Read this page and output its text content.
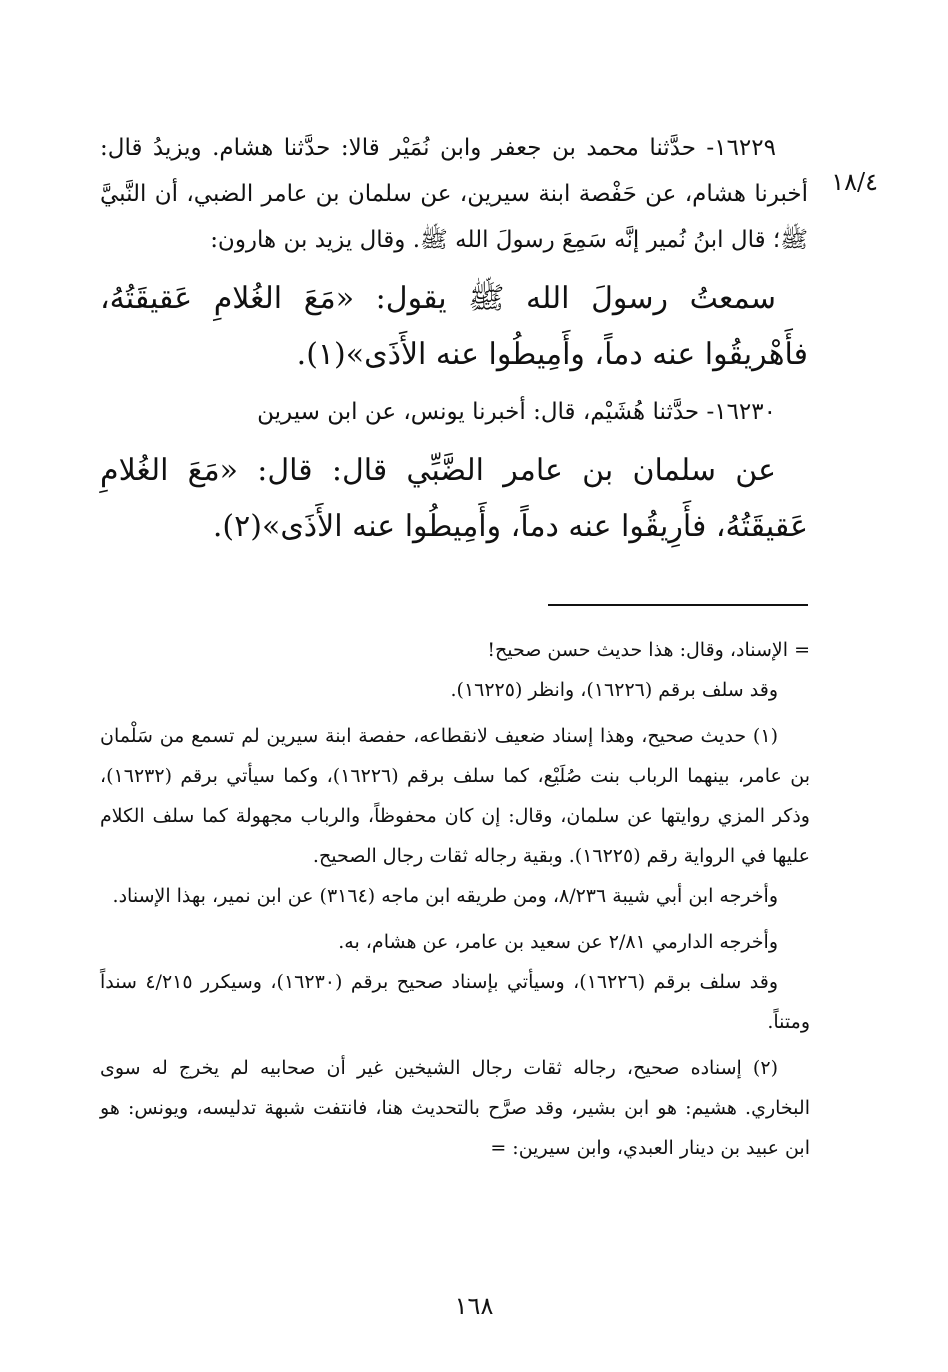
١٨/٤

١٦٢٢٩- حدَّثنا محمد بن جعفر وابن نُمَيْر قالا: حدَّثنا هشام. ويزيدُ قال: أخبرنا هشام، عن حَفْصة ابنة سيرين، عن سلمان بن عامر الضبي، أن النَّبيَّ ﷺ؛ قال ابنُ نُمير إنَّه سَمِعَ رسولَ الله ﷺ. وقال يزيد بن هارون:

سمعتُ رسولَ الله ﷺ يقول: «مَعَ الغُلامِ عَقيقَتُهُ، فأَهْريقُوا عنه دماً، وأَمِيطُوا عنه الأَذَى»(١).

١٦٢٣٠- حدَّثنا هُشَيْم، قال: أخبرنا يونس، عن ابن سيرين

عن سلمان بن عامر الضَّبِّي قال: قال: «مَعَ الغُلامِ عَقيقَتُهُ، فأَرِيقُوا عنه دماً، وأَمِيطُوا عنه الأَذَى»(٢).

= الإسناد، وقال: هذا حديث حسن صحيح!

وقد سلف برقم (١٦٢٢٦)، وانظر (١٦٢٢٥).

(١) حديث صحيح، وهذا إسناد ضعيف لانقطاعه، حفصة ابنة سيرين لم تسمع من سَلْمان بن عامر، بينهما الرباب بنت صُلَيْع، كما سلف برقم (١٦٢٢٦)، وكما سيأتي برقم (١٦٢٣٢)، وذكر المزي روايتها عن سلمان، وقال: إن كان محفوظاً، والرباب مجهولة كما سلف الكلام عليها في الرواية رقم (١٦٢٢٥). وبقية رجاله ثقات رجال الصحيح.

وأخرجه ابن أبي شيبة ٨/٢٣٦، ومن طريقه ابن ماجه (٣١٦٤) عن ابن نمير، بهذا الإسناد.

وأخرجه الدارمي ٢/٨١ عن سعيد بن عامر، عن هشام، به.

وقد سلف برقم (١٦٢٢٦)، وسيأتي بإسناد صحيح برقم (١٦٢٣٠)، وسيكرر ٤/٢١٥ سنداً ومتناً.

(٢) إسناده صحيح، رجاله ثقات رجال الشيخين غير أن صحابيه لم يخرج له سوى البخاري. هشيم: هو ابن بشير، وقد صرَّح بالتحديث هنا، فانتفت شبهة تدليسه، ويونس: هو ابن عبيد بن دينار العبدي، وابن سيرين: =

١٦٨
